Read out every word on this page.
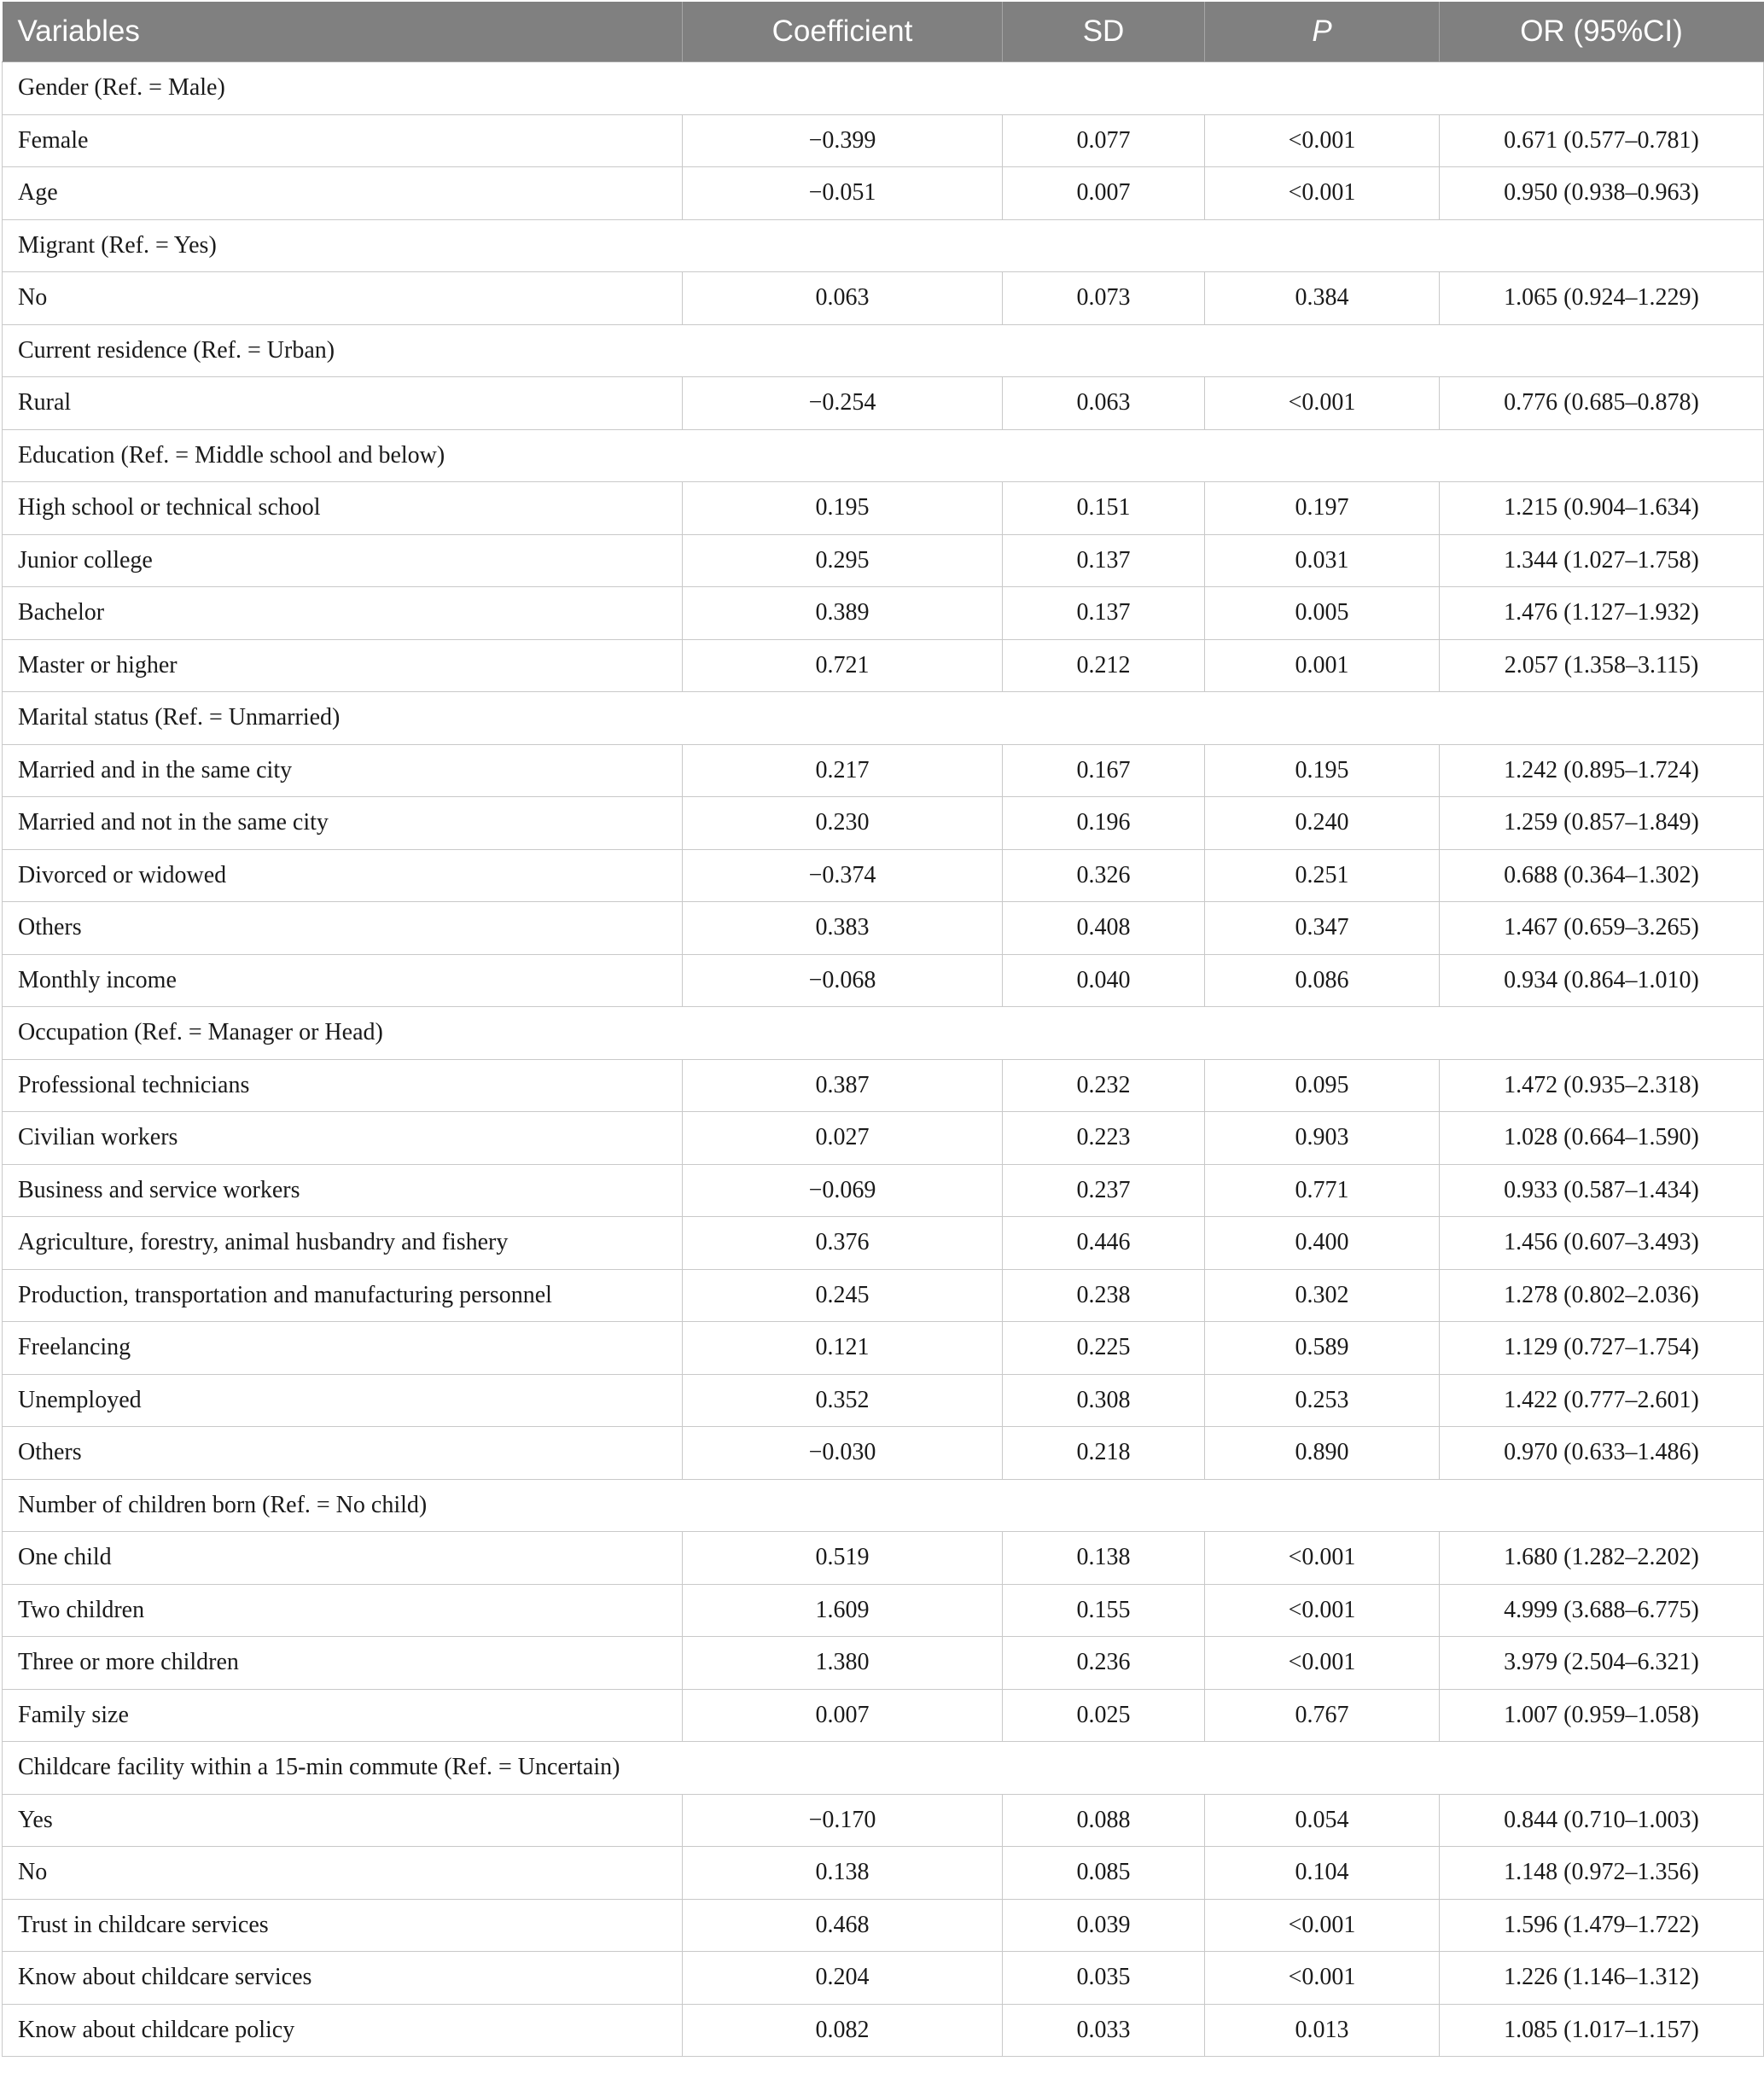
Variables	Coefficient	SD	P	OR (95%CI)
Gender (Ref. = Male)				
Female	−0.399	0.077	<0.001	0.671 (0.577–0.781)
Age	−0.051	0.007	<0.001	0.950 (0.938–0.963)
Migrant (Ref. = Yes)				
No	0.063	0.073	0.384	1.065 (0.924–1.229)
Current residence (Ref. = Urban)				
Rural	−0.254	0.063	<0.001	0.776 (0.685–0.878)
Education (Ref. = Middle school and below)				
High school or technical school	0.195	0.151	0.197	1.215 (0.904–1.634)
Junior college	0.295	0.137	0.031	1.344 (1.027–1.758)
Bachelor	0.389	0.137	0.005	1.476 (1.127–1.932)
Master or higher	0.721	0.212	0.001	2.057 (1.358–3.115)
Marital status (Ref. = Unmarried)				
Married and in the same city	0.217	0.167	0.195	1.242 (0.895–1.724)
Married and not in the same city	0.230	0.196	0.240	1.259 (0.857–1.849)
Divorced or widowed	−0.374	0.326	0.251	0.688 (0.364–1.302)
Others	0.383	0.408	0.347	1.467 (0.659–3.265)
Monthly income	−0.068	0.040	0.086	0.934 (0.864–1.010)
Occupation (Ref. = Manager or Head)				
Professional technicians	0.387	0.232	0.095	1.472 (0.935–2.318)
Civilian workers	0.027	0.223	0.903	1.028 (0.664–1.590)
Business and service workers	−0.069	0.237	0.771	0.933 (0.587–1.434)
Agriculture, forestry, animal husbandry and fishery	0.376	0.446	0.400	1.456 (0.607–3.493)
Production, transportation and manufacturing personnel	0.245	0.238	0.302	1.278 (0.802–2.036)
Freelancing	0.121	0.225	0.589	1.129 (0.727–1.754)
Unemployed	0.352	0.308	0.253	1.422 (0.777–2.601)
Others	−0.030	0.218	0.890	0.970 (0.633–1.486)
Number of children born (Ref. = No child)				
One child	0.519	0.138	<0.001	1.680 (1.282–2.202)
Two children	1.609	0.155	<0.001	4.999 (3.688–6.775)
Three or more children	1.380	0.236	<0.001	3.979 (2.504–6.321)
Family size	0.007	0.025	0.767	1.007 (0.959–1.058)
Childcare facility within a 15-min commute (Ref. = Uncertain)				
Yes	−0.170	0.088	0.054	0.844 (0.710–1.003)
No	0.138	0.085	0.104	1.148 (0.972–1.356)
Trust in childcare services	0.468	0.039	<0.001	1.596 (1.479–1.722)
Know about childcare services	0.204	0.035	<0.001	1.226 (1.146–1.312)
Know about childcare policy	0.082	0.033	0.013	1.085 (1.017–1.157)
